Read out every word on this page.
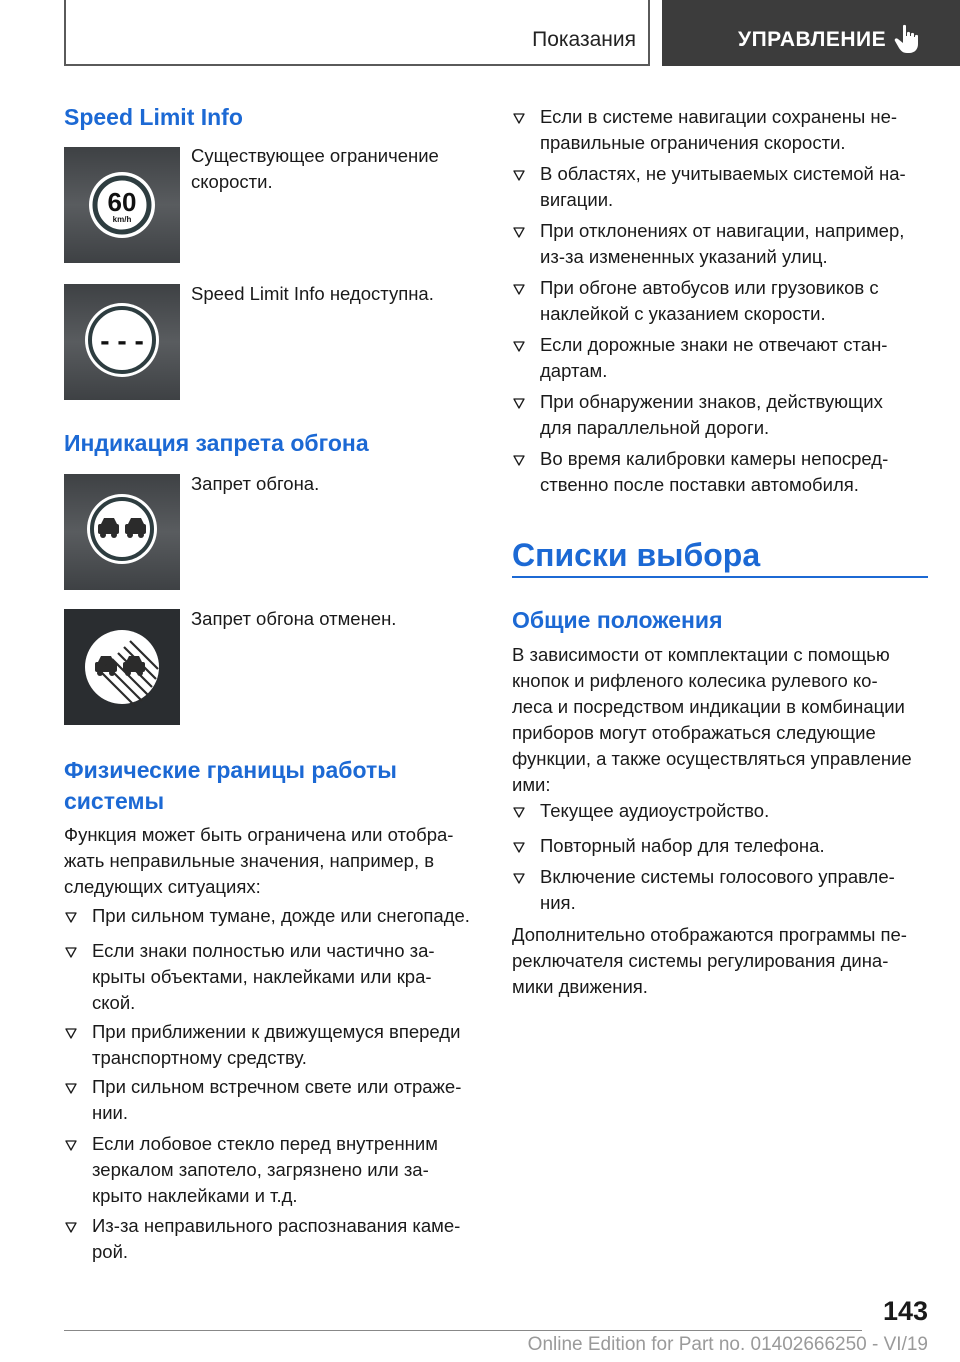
Показания	УПРАВЛЕНИЕ
Speed Limit Info
60
km/h
Существующее ограничение скорости.
- - -
Speed Limit Info недоступна.
Индикация запрета обгона
Запрет обгона.
Запрет обгона отменен.
Физические границы работы
системы
Функция может быть ограничена или отобра-
жать неправильные значения, например, в
следующих ситуациях:
При сильном тумане, дожде или снегопаде.
Если знаки полностью или частично за-
крыты объектами, наклейками или кра-
ской.
При приближении к движущемуся впереди
транспортному средству.
При сильном встречном свете или отраже-
нии.
Если лобовое стекло перед внутренним
зеркалом запотело, загрязнено или за-
крыто наклейками и т.д.
Из-за неправильного распознавания каме-
рой.
Если в системе навигации сохранены не-
правильные ограничения скорости.
В областях, не учитываемых системой на-
вигации.
При отклонениях от навигации, например,
из-за измененных указаний улиц.
При обгоне автобусов или грузовиков с
наклейкой с указанием скорости.
Если дорожные знаки не отвечают стан-
дартам.
При обнаружении знаков, действующих
для параллельной дороги.
Во время калибровки камеры непосред-
ственно после поставки автомобиля.
Списки выбора
Общие положения
В зависимости от комплектации с помощью
кнопок и рифленого колесика рулевого ко-
леса и посредством индикации в комбинации
приборов могут отображаться следующие
функции, а также осуществляться управление
ими:
Текущее аудиоустройство.
Повторный набор для телефона.
Включение системы голосового управле-
ния.
Дополнительно отображаются программы пе-
реключателя системы регулирования дина-
мики движения.
143
Online Edition for Part no. 01402666250 - VI/19
